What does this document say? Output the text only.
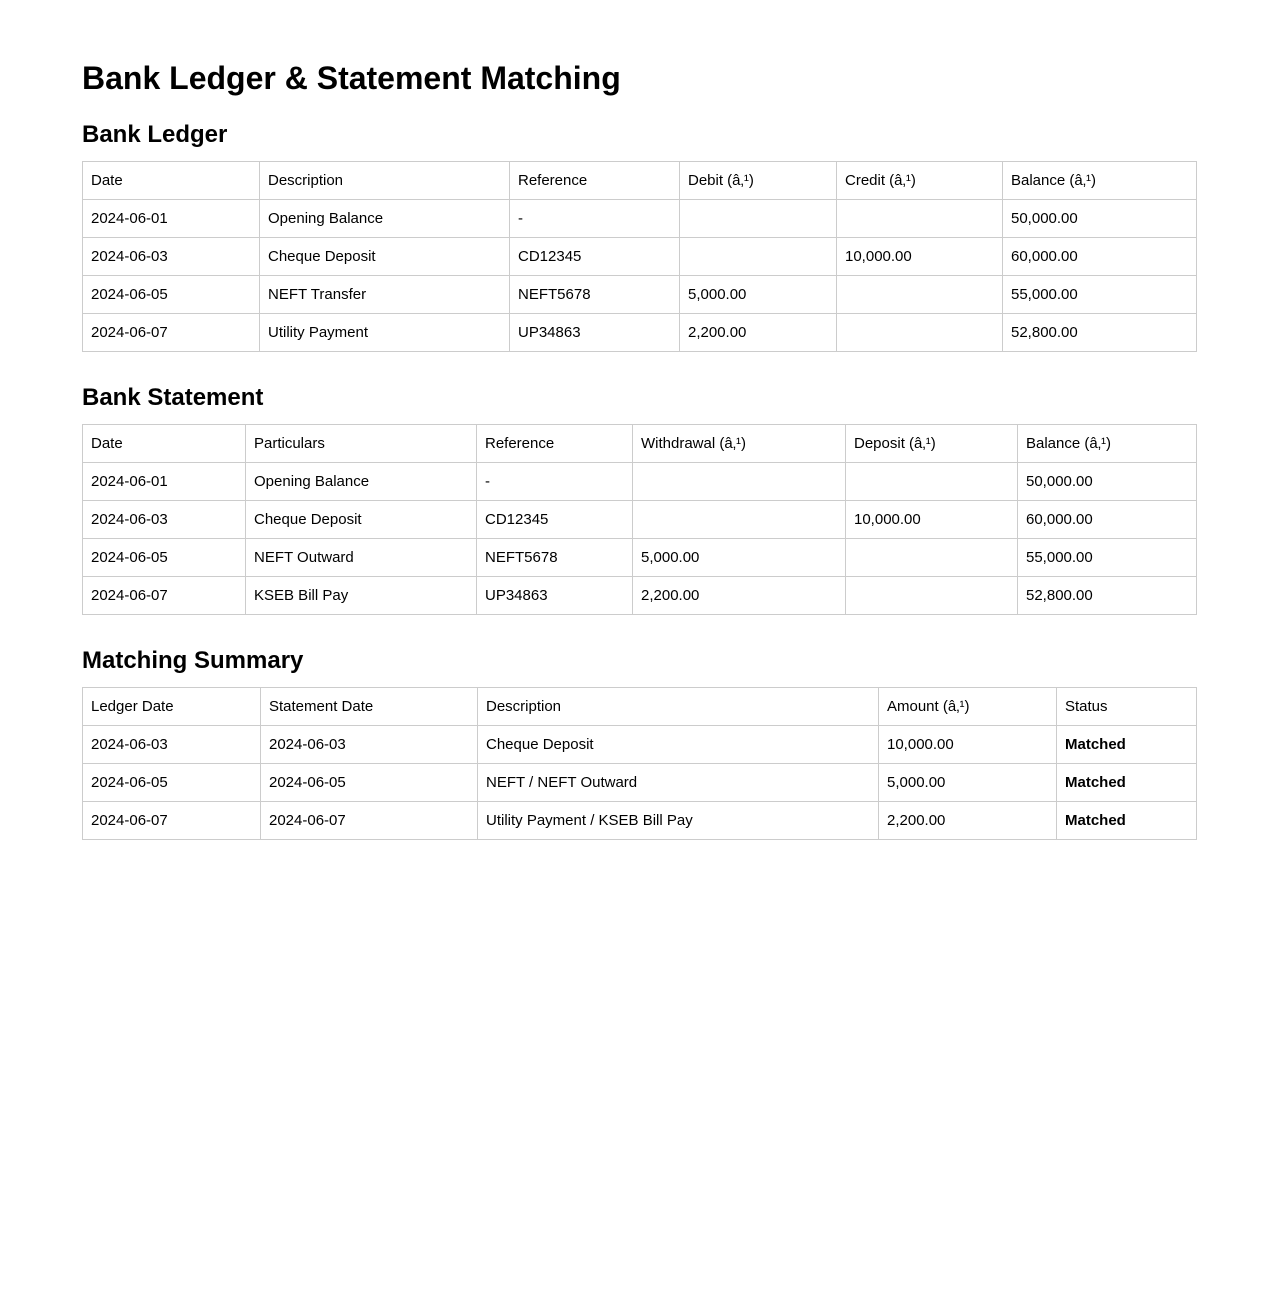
Bank Ledger & Statement Matching
Bank Ledger
Date	Description	Reference	Debit (â‚¹)	Credit (â‚¹)	Balance (â‚¹)
2024-06-01	Opening Balance	-			50,000.00
2024-06-03	Cheque Deposit	CD12345		10,000.00	60,000.00
2024-06-05	NEFT Transfer	NEFT5678	5,000.00		55,000.00
2024-06-07	Utility Payment	UP34863	2,200.00		52,800.00
Bank Statement
Date	Particulars	Reference	Withdrawal (â‚¹)	Deposit (â‚¹)	Balance (â‚¹)
2024-06-01	Opening Balance	-			50,000.00
2024-06-03	Cheque Deposit	CD12345		10,000.00	60,000.00
2024-06-05	NEFT Outward	NEFT5678	5,000.00		55,000.00
2024-06-07	KSEB Bill Pay	UP34863	2,200.00		52,800.00
Matching Summary
Ledger Date	Statement Date	Description	Amount (â‚¹)	Status
2024-06-03	2024-06-03	Cheque Deposit	10,000.00	Matched
2024-06-05	2024-06-05	NEFT / NEFT Outward	5,000.00	Matched
2024-06-07	2024-06-07	Utility Payment / KSEB Bill Pay	2,200.00	Matched
